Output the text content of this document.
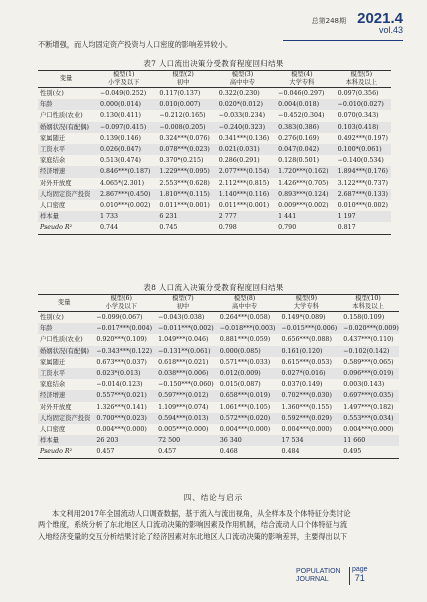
总第248期 2021.4
vol.43
不断增强，而人均固定资产投资与人口密度的影响差异较小。
表7 人口流出决策分受教育程度回归结果
变量	模型(1)	模型(2)	模型(3)	模型(4)	模型(5)
	小学及以下	初中	高中中专	大学专科	本科及以上
性别(女)	−0.049(0.252)	0.117(0.137)	0.322(0.230)	−0.046(0.297)	0.097(0.356)
年龄	0.000(0.014)	0.010(0.007)	0.020*(0.012)	0.004(0.018)	−0.010(0.027)
户口性质(农业)	0.130(0.411)	−0.212(0.165)	−0.033(0.234)	−0.452(0.304)	0.070(0.343)
婚姻状况(有配偶)	−0.097(0.415)	−0.008(0.205)	−0.240(0.323)	0.383(0.386)	0.103(0.418)
家属随迁	0.139(0.146)	0.324***(0.076)	0.341***(0.136)	0.276(0.169)	0.492***(0.197)
工资水平	0.026(0.047)	0.078***(0.023)	0.021(0.031)	0.047(0.042)	0.100*(0.061)
家庭结余	0.513(0.474)	0.370*(0.215)	0.286(0.291)	0.128(0.501)	−0.140(0.534)
经济增速	0.846***(0.187)	1.229***(0.095)	2.077***(0.154)	1.720***(0.162)	1.894***(0.176)
对外开放度	4.065*(2.301)	2.553***(0.628)	2.112***(0.815)	1.426***(0.705)	3.122***(0.737)
人均固定资产投资	2.867***(0.450)	1.810***(0.115)	1.140***(0.116)	0.893***(0.124)	2.687***(0.133)
人口密度	0.010***(0.002)	0.011***(0.001)	0.011***(0.001)	0.009***(0.002)	0.010***(0.002)
样本量	1 733	6 231	2 777	1 441	1 197
Pseudo R²	0.744	0.745	0.798	0.790	0.817
表8 人口流入决策分受教育程度回归结果
变量	模型(6)	模型(7)	模型(8)	模型(9)	模型(10)
	小学及以下	初中	高中中专	大学专科	本科及以上
性别(女)	−0.099(0.067)	−0.043(0.038)	0.264***(0.058)	0.149*(0.089)	0.158(0.109)
年龄	−0.017***(0.004)	−0.011***(0.002)	−0.018***(0.003)	−0.015***(0.006)	−0.020***(0.009)
户口性质(农业)	0.920***(0.109)	1.049***(0.046)	0.881***(0.059)	0.656***(0.088)	0.437***(0.110)
婚姻状况(有配偶)	−0.343***(0.122)	−0.131**(0.061)	0.000(0.085)	0.161(0.120)	−0.102(0.142)
家属随迁	0.673***(0.037)	0.618***(0.021)	0.571***(0.033)	0.615***(0.053)	0.589***(0.065)
工资水平	0.023*(0.013)	0.038***(0.006)	0.012(0.009)	0.027*(0.016)	0.096***(0.019)
家庭结余	−0.014(0.123)	−0.150***(0.060)	0.015(0.087)	0.037(0.149)	0.003(0.143)
经济增速	0.557***(0.021)	0.597***(0.012)	0.658***(0.019)	0.702***(0.030)	0.697***(0.035)
对外开放度	1.326***(0.141)	1.109***(0.074)	1.061***(0.105)	1.360***(0.155)	1.497***(0.182)
人均固定资产投资	0.700***(0.023)	0.594***(0.013)	0.572***(0.020)	0.592***(0.029)	0.553***(0.034)
人口密度	0.004***(0.000)	0.005***(0.000)	0.004***(0.000)	0.004***(0.000)	0.004***(0.000)
样本量	26 203	72 500	36 340	17 534	11 660
Pseudo R²	0.457	0.457	0.468	0.484	0.495
四、结论与启示

本文利用2017年全国流动人口调查数据，基于流入与流出视角，从全样本及个体特征分类讨论

两个维度，系统分析了东北地区人口流动决策的影响因素及作用机制，结合流动人口个体特征与流
入地经济变量的交互分析结果讨论了经济因素对东北地区人口流动决策的影响差异，主要得出以下
POPULATION
JOURNAL
page
71
